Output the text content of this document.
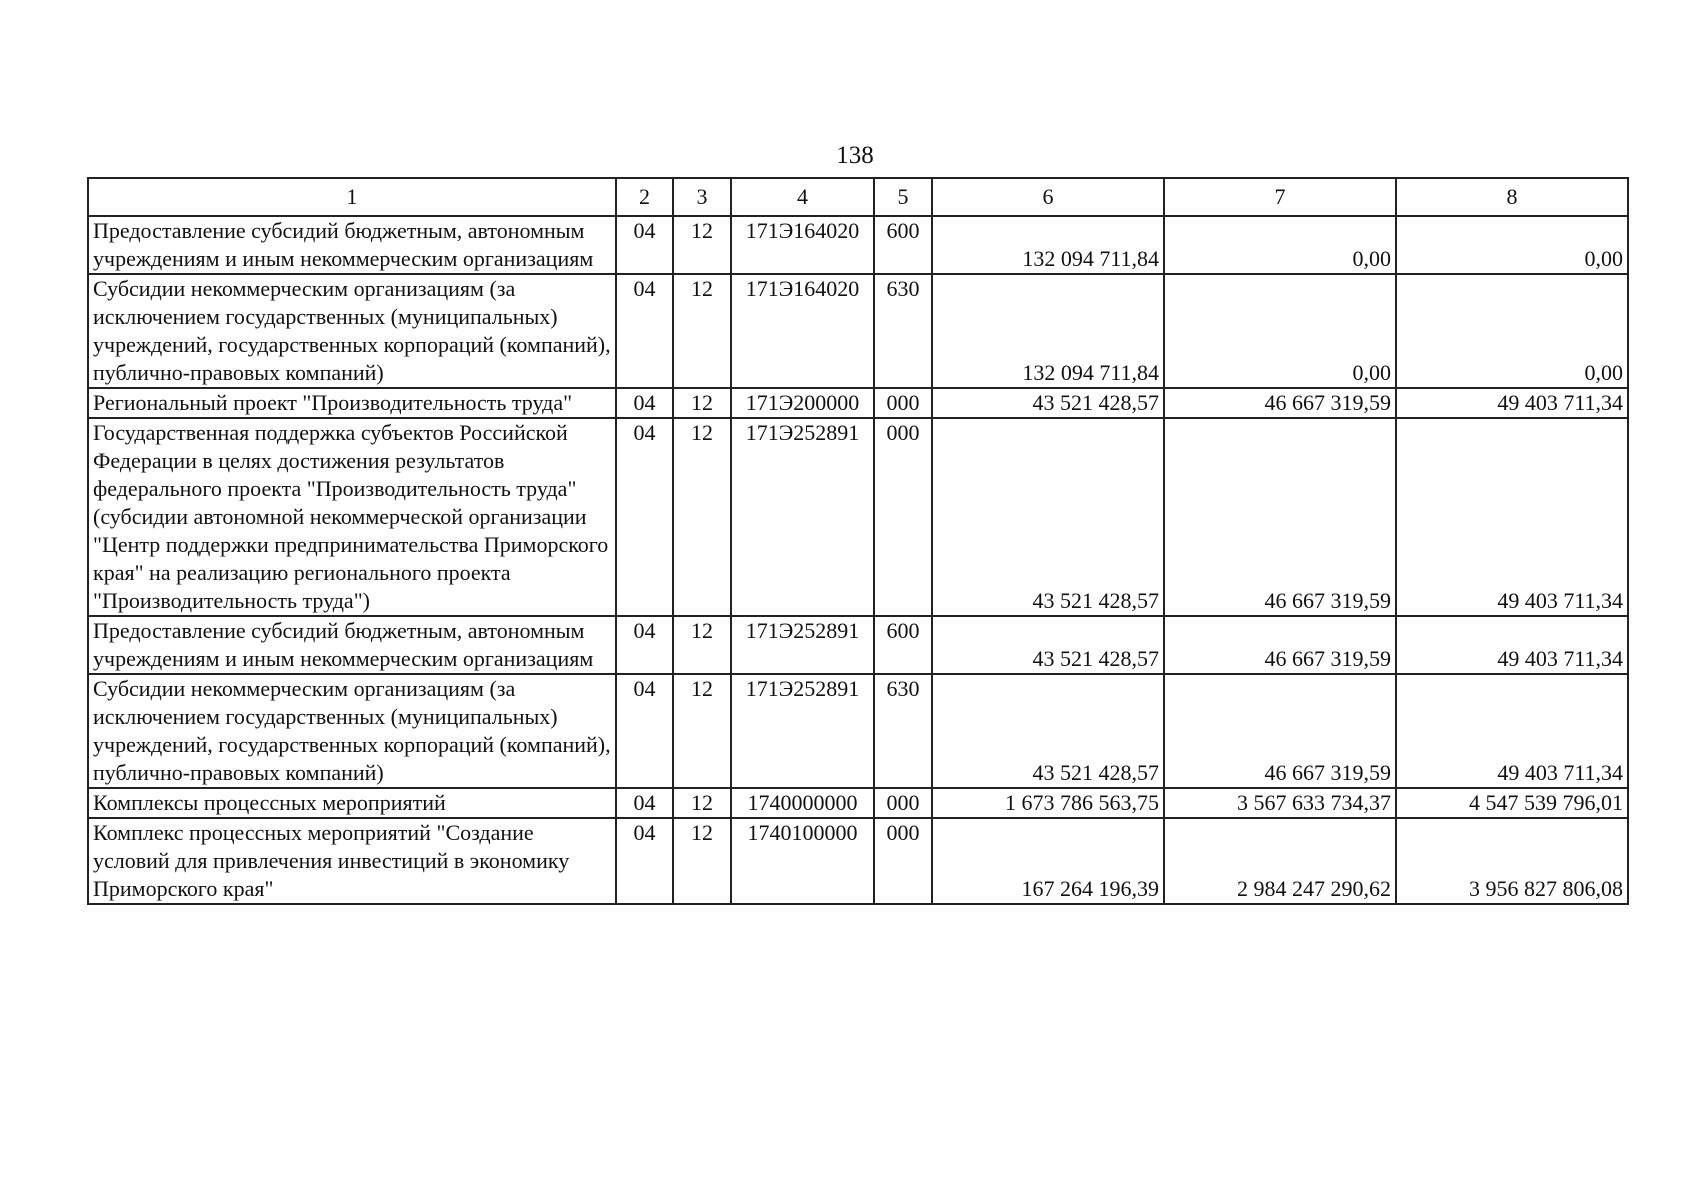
138
1	2	3	4	5	6	7	8
Предоставление субсидий бюджетным, автономным учреждениям и иным некоммерческим организациям	04	12	171Э164020	600	132 094 711,84	0,00	0,00
Субсидии некоммерческим организациям (за исключением государственных (муниципальных) учреждений, государственных корпораций (компаний), публично-правовых компаний)	04	12	171Э164020	630	132 094 711,84	0,00	0,00
Региональный проект "Производительность труда"	04	12	171Э200000	000	43 521 428,57	46 667 319,59	49 403 711,34
Государственная поддержка субъектов Российской Федерации в целях достижения результатов федерального проекта "Производительность труда" (субсидии автономной некоммерческой организации "Центр поддержки предпринимательства Приморского края" на реализацию регионального проекта "Производительность труда")	04	12	171Э252891	000	43 521 428,57	46 667 319,59	49 403 711,34
Предоставление субсидий бюджетным, автономным учреждениям и иным некоммерческим организациям	04	12	171Э252891	600	43 521 428,57	46 667 319,59	49 403 711,34
Субсидии некоммерческим организациям (за исключением государственных (муниципальных) учреждений, государственных корпораций (компаний), публично-правовых компаний)	04	12	171Э252891	630	43 521 428,57	46 667 319,59	49 403 711,34
Комплексы процессных мероприятий	04	12	1740000000	000	1 673 786 563,75	3 567 633 734,37	4 547 539 796,01
Комплекс процессных мероприятий "Создание условий для привлечения инвестиций в экономику Приморского края"	04	12	1740100000	000	167 264 196,39	2 984 247 290,62	3 956 827 806,08
